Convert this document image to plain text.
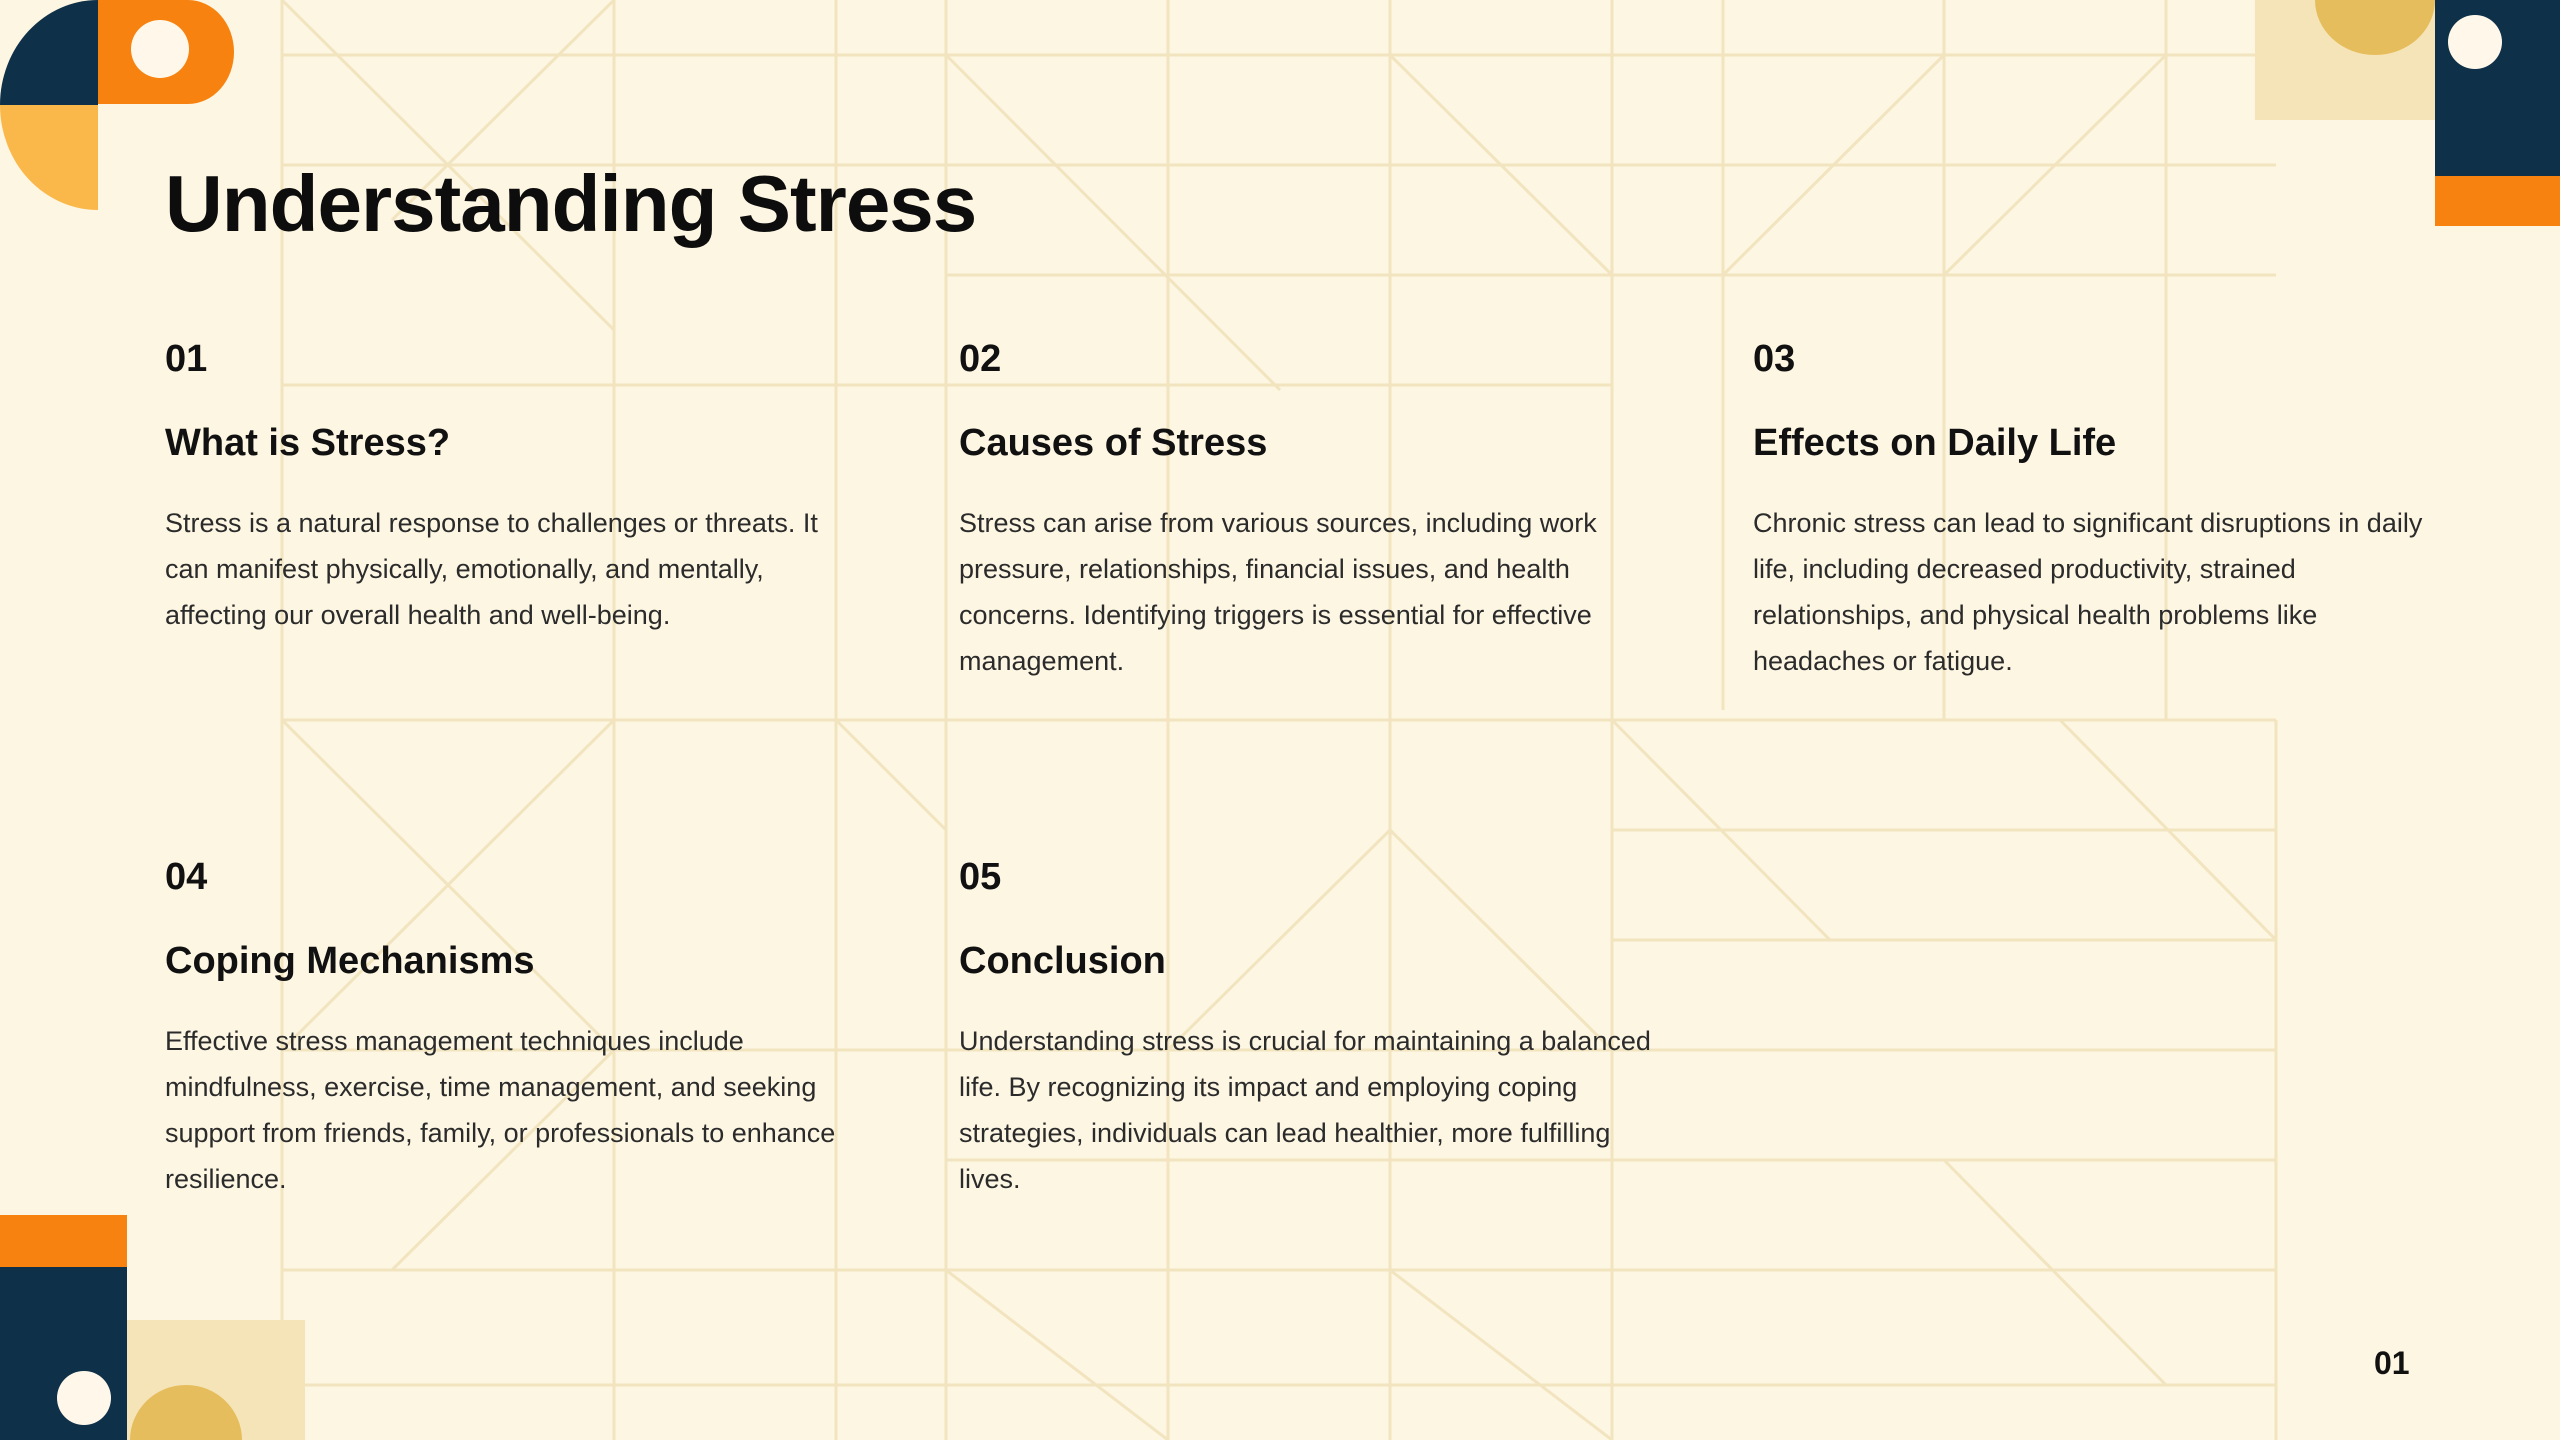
Understanding Stress
01
What is Stress?
Stress is a natural response to challenges or threats. It can manifest physically, emotionally, and mentally, affecting our overall health and well-being.
02
Causes of Stress
Stress can arise from various sources, including work pressure, relationships, financial issues, and health concerns. Identifying triggers is essential for effective management.
03
Effects on Daily Life
Chronic stress can lead to significant disruptions in daily life, including decreased productivity, strained relationships, and physical health problems like headaches or fatigue.
04
Coping Mechanisms
Effective stress management techniques include mindfulness, exercise, time management, and seeking support from friends, family, or professionals to enhance resilience.
05
Conclusion
Understanding stress is crucial for maintaining a balanced life. By recognizing its impact and employing coping strategies, individuals can lead healthier, more fulfilling lives.
01
